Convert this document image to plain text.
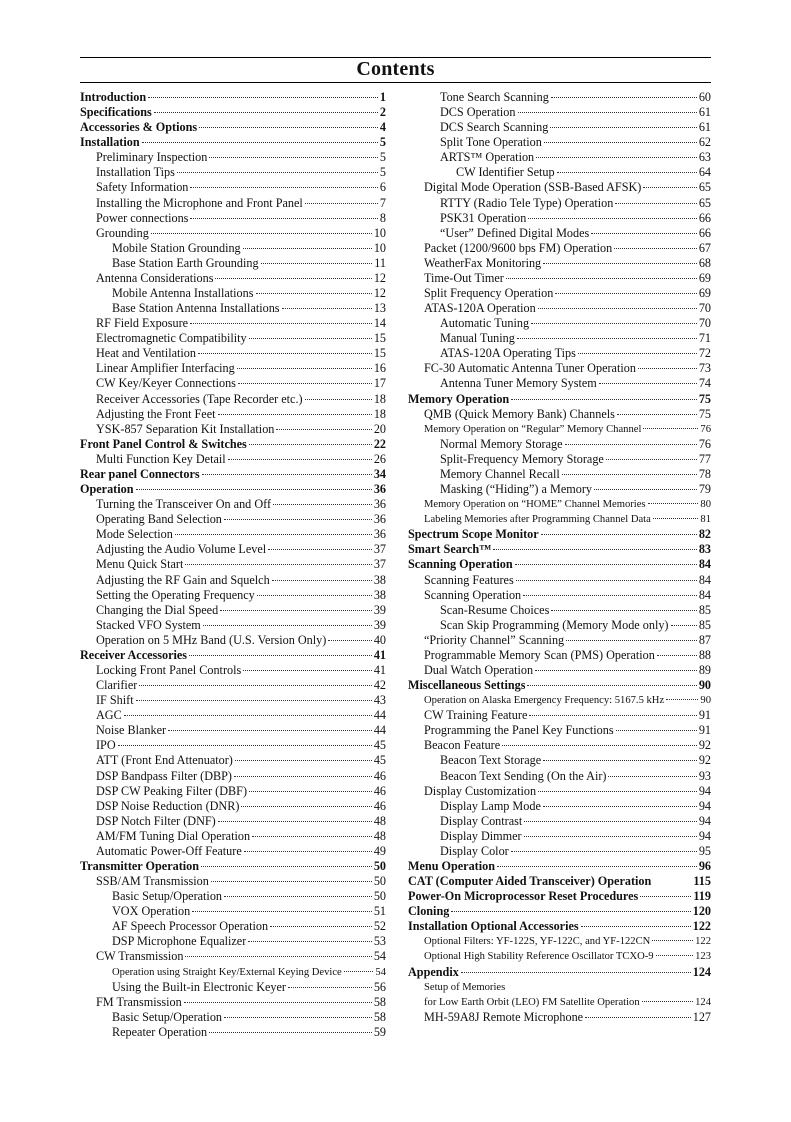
Contents
Introduction	1
Specifications	2
Accessories & Options	4
Installation	5
Preliminary Inspection	5
Installation Tips	5
Safety Information	6
Installing the Microphone and Front Panel	7
Power connections	8
Grounding	10
Mobile Station Grounding	10
Base Station Earth Grounding	11
Antenna Considerations	12
Mobile Antenna Installations	12
Base Station Antenna Installations	13
RF Field Exposure	14
Electromagnetic Compatibility	15
Heat and Ventilation	15
Linear Amplifier Interfacing	16
CW Key/Keyer Connections	17
Receiver Accessories (Tape Recorder etc.)	18
Adjusting the Front Feet	18
YSK-857 Separation Kit Installation	20
Front Panel Control & Switches	22
Multi Function Key Detail	26
Rear panel Connectors	34
Operation	36
Turning the Transceiver On and Off	36
Operating Band Selection	36
Mode Selection	36
Adjusting the Audio Volume Level	37
Menu Quick Start	37
Adjusting the RF Gain and Squelch	38
Setting the Operating Frequency	38
Changing the Dial Speed	39
Stacked VFO System	39
Operation on 5 MHz Band (U.S. Version Only)	40
Receiver Accessories	41
Locking Front Panel Controls	41
Clarifier	42
IF Shift	43
AGC	44
Noise Blanker	44
IPO	45
ATT (Front End Attenuator)	45
DSP Bandpass Filter (DBP)	46
DSP CW Peaking Filter (DBF)	46
DSP Noise Reduction (DNR)	46
DSP Notch Filter (DNF)	48
AM/FM Tuning Dial Operation	48
Automatic Power-Off Feature	49
Transmitter Operation	50
SSB/AM Transmission	50
Basic Setup/Operation	50
VOX Operation	51
AF Speech Processor Operation	52
DSP Microphone Equalizer	53
CW Transmission	54
Operation using Straight Key/External Keying Device	54
Using the Built-in Electronic Keyer	56
FM Transmission	58
Basic Setup/Operation	58
Repeater Operation	59
Tone Search Scanning	60
DCS Operation	61
DCS Search Scanning	61
Split Tone Operation	62
ARTS™ Operation	63
CW Identifier Setup	64
Digital Mode Operation (SSB-Based AFSK)	65
RTTY (Radio Tele Type) Operation	65
PSK31 Operation	66
“User” Defined Digital Modes	66
Packet (1200/9600 bps FM) Operation	67
WeatherFax Monitoring	68
Time-Out Timer	69
Split Frequency Operation	69
ATAS-120A Operation	70
Automatic Tuning	70
Manual Tuning	71
ATAS-120A Operating Tips	72
FC-30 Automatic Antenna Tuner Operation	73
Antenna Tuner Memory System	74
Memory Operation	75
QMB (Quick Memory Bank) Channels	75
Memory Operation on “Regular” Memory Channel	76
Normal Memory Storage	76
Split-Frequency Memory Storage	77
Memory Channel Recall	78
Masking (“Hiding”) a Memory	79
Memory Operation on “HOME” Channel Memories	80
Labeling Memories after Programming Channel Data	81
Spectrum Scope Monitor	82
Smart Search™	83
Scanning Operation	84
Scanning Features	84
Scanning Operation	84
Scan-Resume Choices	85
Scan Skip Programming (Memory Mode only) 85
“Priority Channel” Scanning	87
Programmable Memory Scan (PMS) Operation	88
Dual Watch Operation	89
Miscellaneous Settings	90
Operation on Alaska Emergency Frequency: 5167.5 kHz	90
CW Training Feature	91
Programming the Panel Key Functions	91
Beacon Feature	92
Beacon Text Storage	92
Beacon Text Sending (On the Air)	93
Display Customization	94
Display Lamp Mode	94
Display Contrast	94
Display Dimmer	94
Display Color	95
Menu Operation	96
CAT (Computer Aided Transceiver) Operation	115
Power-On Microprocessor Reset Procedures	119
Cloning	120
Installation Optional Accessories	122
Optional Filters: YF-122S, YF-122C, and YF-122CN	122
Optional High Stability Reference Oscillator TCXO-9	123
Appendix	124
Setup of Memories
for Low Earth Orbit (LEO) FM Satellite Operation	124
MH-59A8J Remote Microphone	127
